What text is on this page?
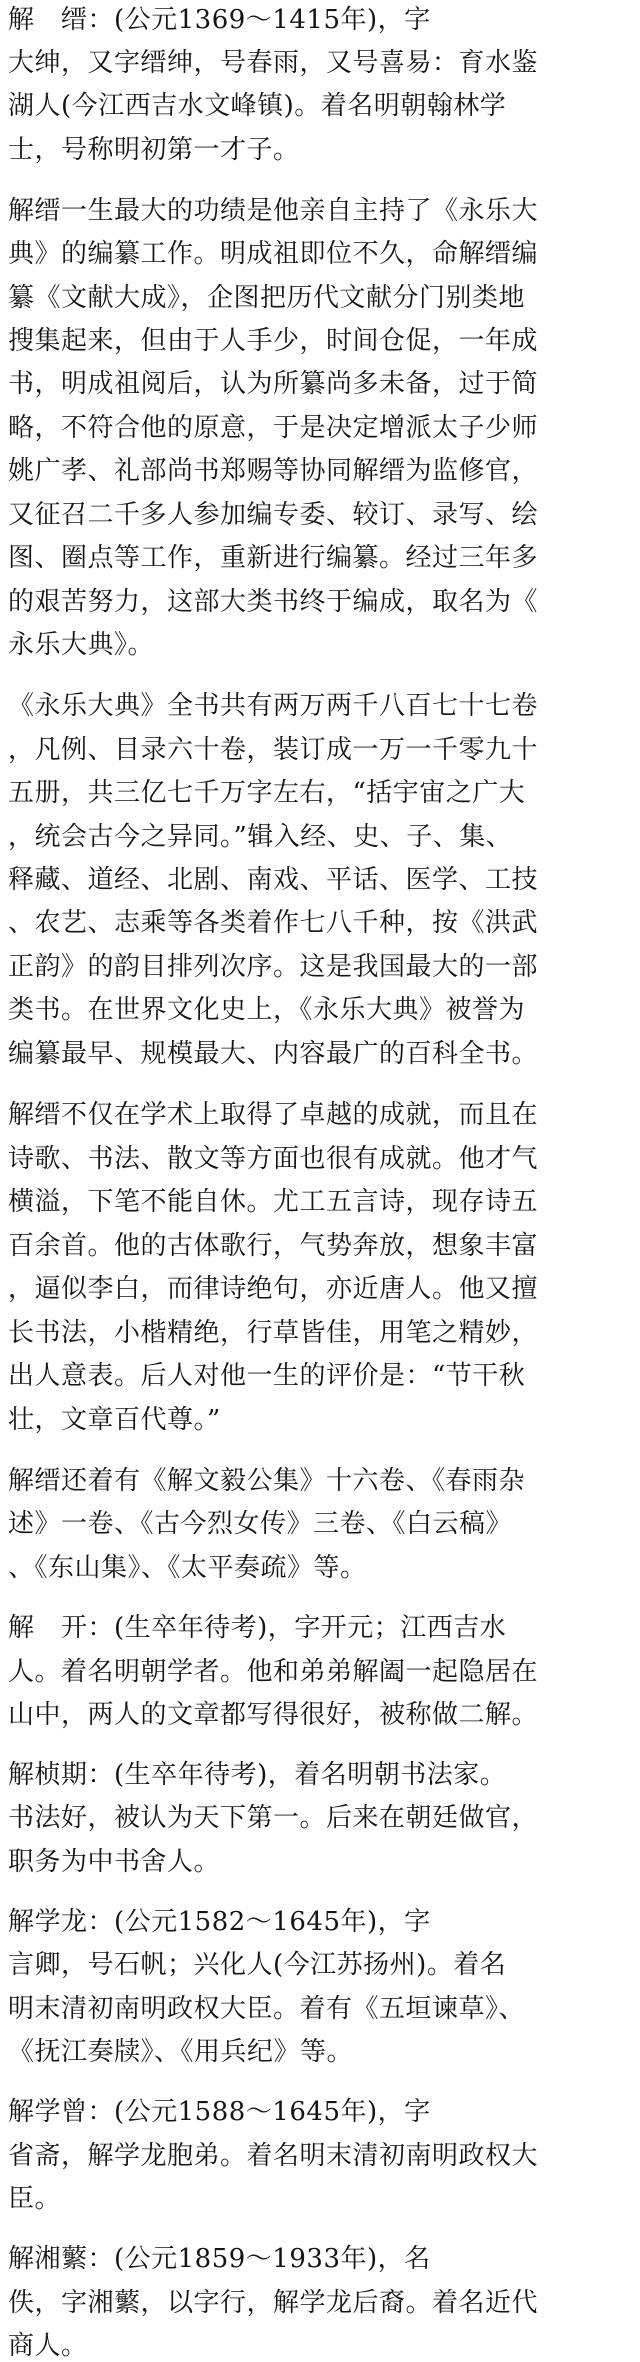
解　缙：(公元1369～1415年)，字
大绅，又字缙绅，号春雨，又号喜易：育水鉴
湖人(今江西吉水文峰镇)。着名明朝翰林学
士，号称明初第一才子。
解缙一生最大的功绩是他亲自主持了《永乐大
典》的编纂工作。明成祖即位不久，命解缙编
纂《文献大成》，企图把历代文献分门别类地
搜集起来，但由于人手少，时间仓促，一年成
书，明成祖阅后，认为所纂尚多未备，过于简
略，不符合他的原意，于是决定增派太子少师
姚广孝、礼部尚书郑赐等协同解缙为监修官，
又征召二千多人参加编专委、较订、录写、绘
图、圈点等工作，重新进行编纂。经过三年多
的艰苦努力，这部大类书终于编成，取名为《
永乐大典》。
《永乐大典》全书共有两万两千八百七十七卷
，凡例、目录六十卷，装订成一万一千零九十
五册，共三亿七千万字左右，“括宇宙之广大
，统会古今之异同。”辑入经、史、子、集、
释藏、道经、北剧、南戏、平话、医学、工技
、农艺、志乘等各类着作七八千种，按《洪武
正韵》的韵目排列次序。这是我国最大的一部
类书。在世界文化史上，《永乐大典》被誉为
编纂最早、规模最大、内容最广的百科全书。
解缙不仅在学术上取得了卓越的成就，而且在
诗歌、书法、散文等方面也很有成就。他才气
横溢，下笔不能自休。尤工五言诗，现存诗五
百余首。他的古体歌行，气势奔放，想象丰富
，逼似李白，而律诗绝句，亦近唐人。他又擅
长书法，小楷精绝，行草皆佳，用笔之精妙，
出人意表。后人对他一生的评价是：“节干秋
壮，文章百代尊。”
解缙还着有《解文毅公集》十六卷、《春雨杂
述》一卷、《古今烈女传》三卷、《白云稿》
、《东山集》、《太平奏疏》等。
解　开：(生卒年待考)，字开元；江西吉水
人。着名明朝学者。他和弟弟解阖一起隐居在
山中，两人的文章都写得很好，被称做二解。
解桢期：(生卒年待考)，着名明朝书法家。
书法好，被认为天下第一。后来在朝廷做官，
职务为中书舍人。
解学龙：(公元1582～1645年)，字
言卿，号石帆；兴化人(今江苏扬州)。着名
明末清初南明政权大臣。着有《五垣谏草》、
《抚江奏牍》、《用兵纪》等。
解学曾：(公元1588～1645年)，字
省斋，解学龙胞弟。着名明末清初南明政权大
臣。
解湘蘩：(公元1859～1933年)，名
佚，字湘蘩，以字行，解学龙后裔。着名近代
商人。
